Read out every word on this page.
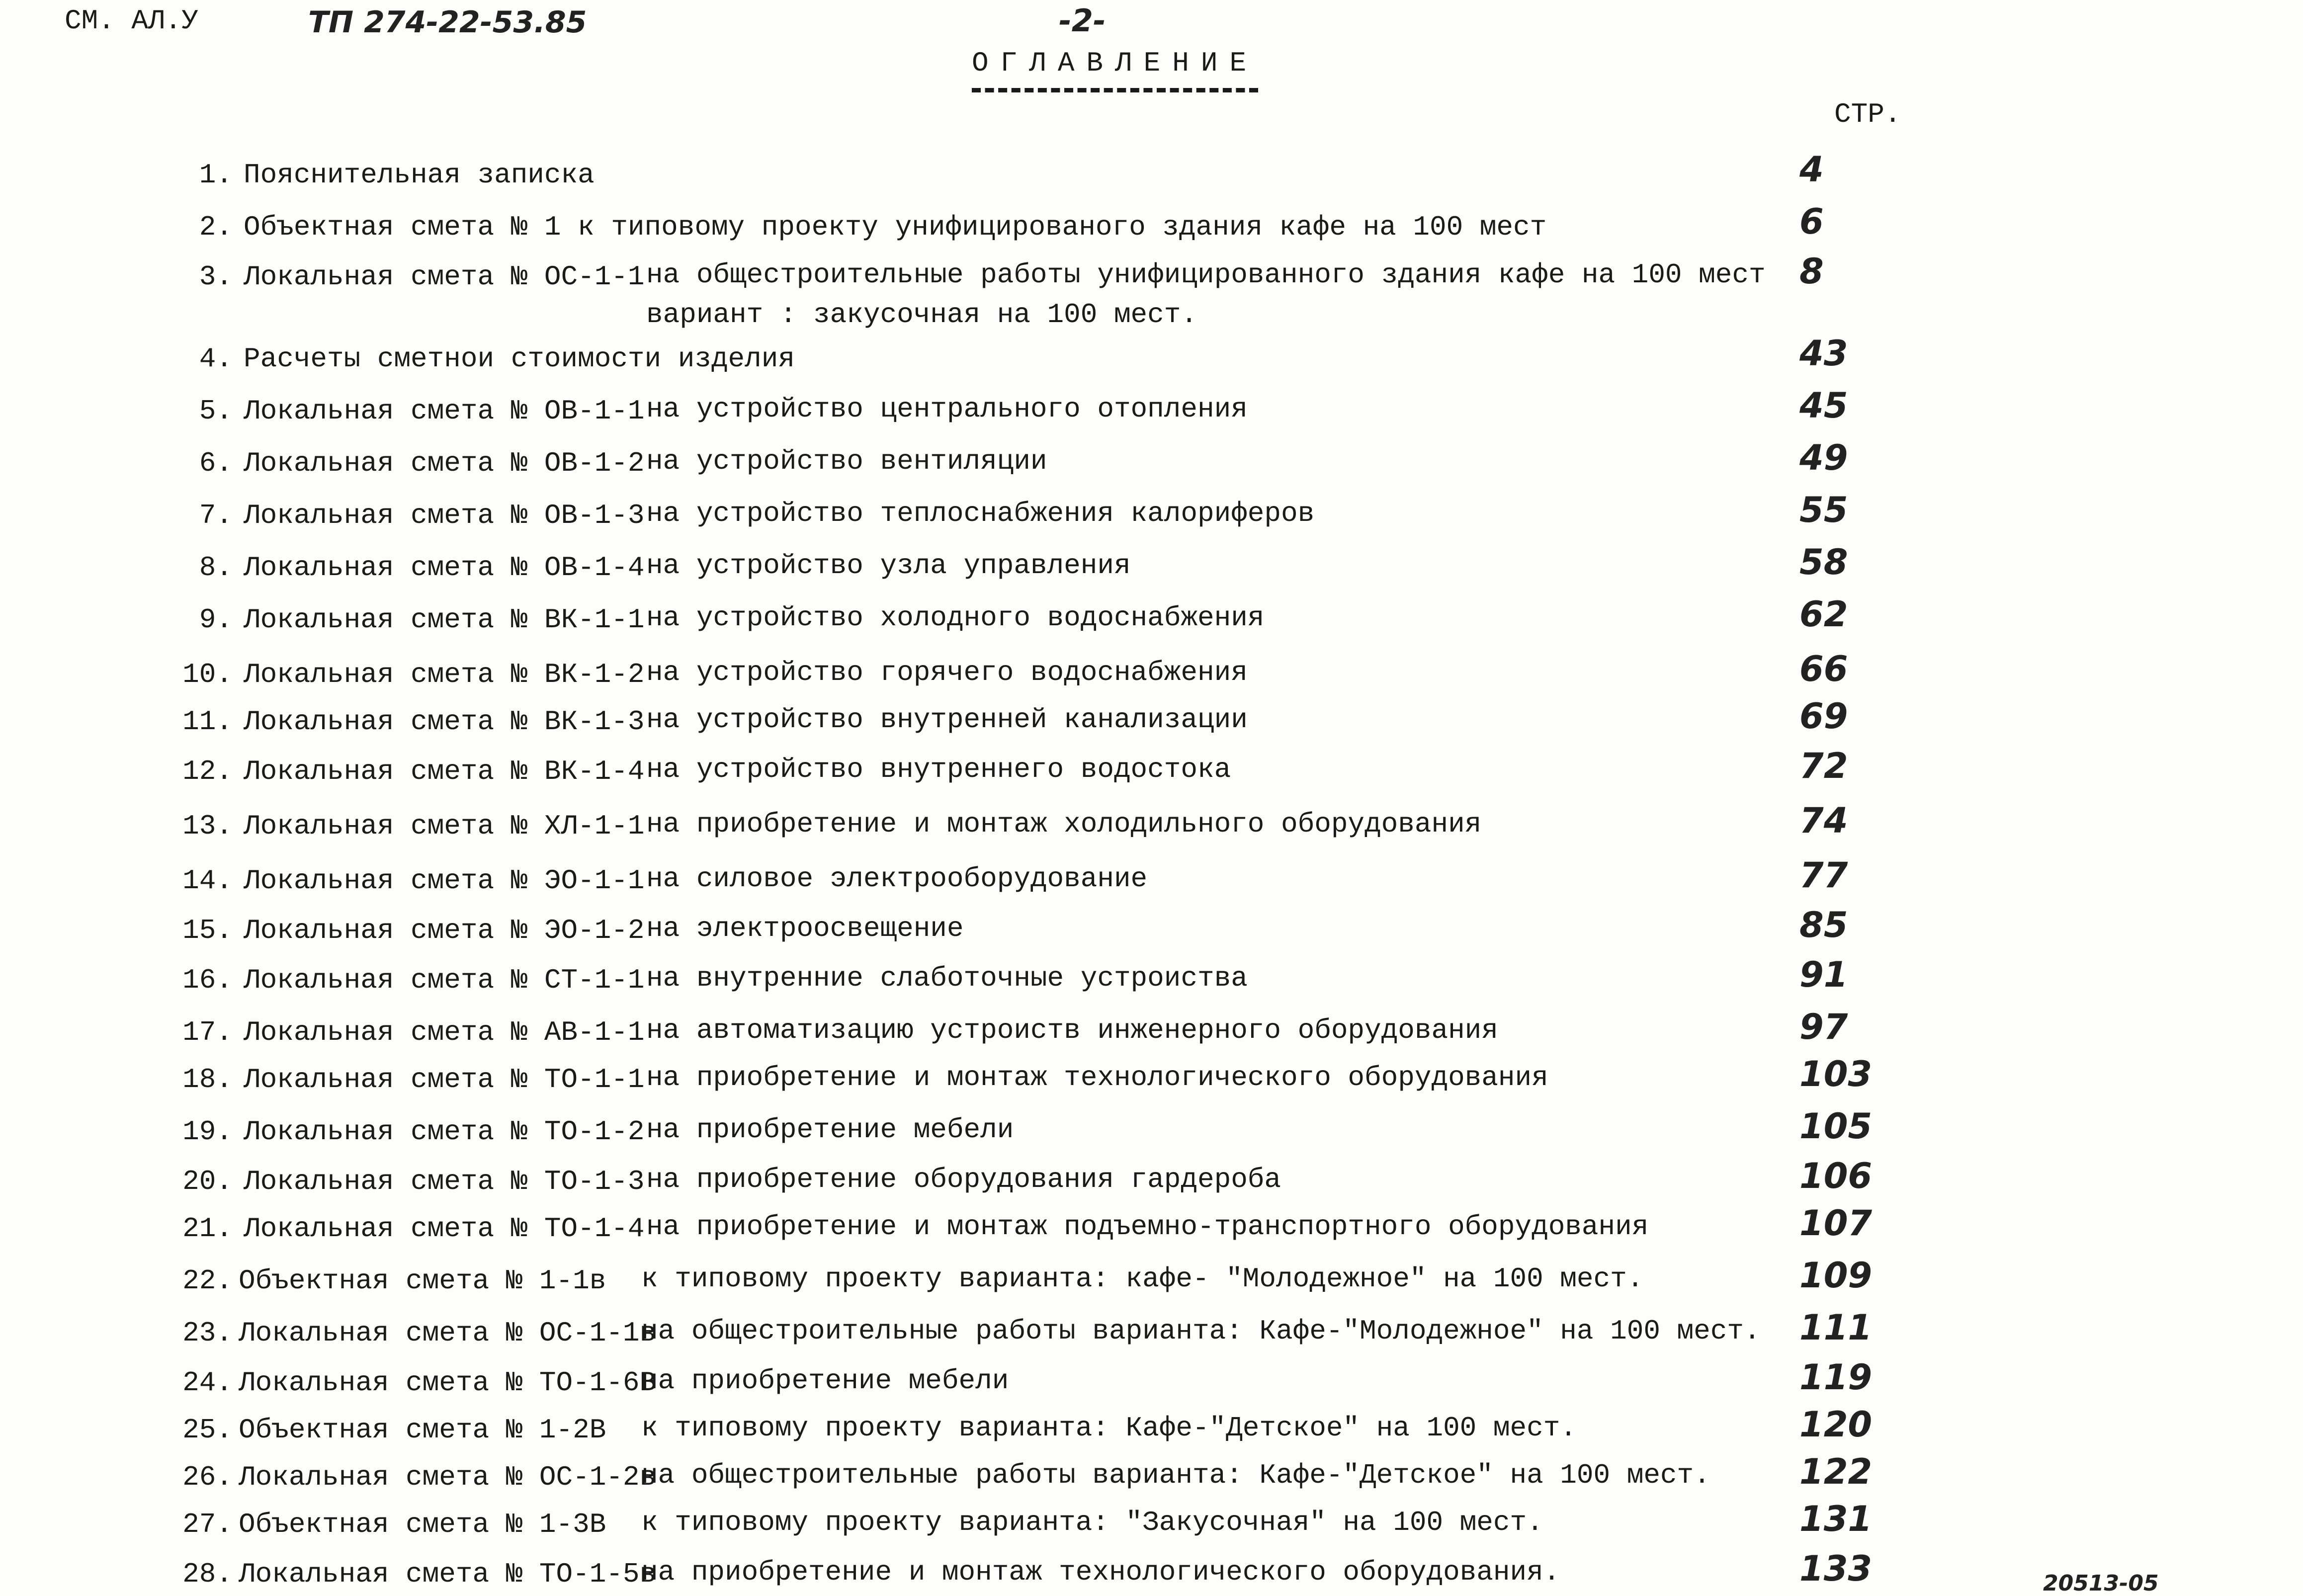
ТП 274-22-53.85
СМ. АЛ.У	-2-
ОГЛАВЛЕНИЕ
СТР.
1. Пояснительная записка	4
2. Объектная смета № 1 к типовому проекту унифицированого здания кафе на 100 мест	6
3. Локальная смета № ОС-1-1 на общестроительные работы унифицированного здания кафе на 100 мест
вариант : закусочная на 100 мест.
8
4. Расчеты сметнои стоимости изделия	43
5. Локальная смета № ОВ-1-1 на устройство центрального отопления	45
6. Локальная смета № ОВ-1-2 на устройство вентиляции	49
7. Локальная смета № ОВ-1-3 на устройство теплоснабжения калориферов	55
8. Локальная смета № ОВ-1-4 на устройство узла управления	58
9. Локальная смета № ВК-1-1 на устройство холодного водоснабжения	62
10. Локальная смета № ВК-1-2 на устройство горячего водоснабжения	66
11. Локальная смета № ВК-1-3 на устройство внутренней канализации	69
12. Локальная смета № ВК-1-4 на устройство внутреннего водостока	72
13. Локальная смета № ХЛ-1-1 на приобретение и монтаж холодильного оборудования	74
14. Локальная смета № ЭО-1-1 на силовое электрооборудование	77
15. Локальная смета № ЭО-1-2 на электроосвещение	85
16. Локальная смета № СТ-1-1 на внутренние слаботочные устроиства	91
17. Локальная смета № АВ-1-1 на автоматизацию устроиств инженерного оборудования	97
18. Локальная смета № ТО-1-1 на приобретение и монтаж технологического оборудования	103
19. Локальная смета № ТО-1-2 на приобретение мебели	105
20. Локальная смета № ТО-1-3 на приобретение оборудования гардероба	106
21. Локальная смета № ТО-1-4 на приобретение и монтаж подъемно-транспортного оборудования	107
22. Объектная смета № 1-1в к типовому проекту варианта: кафе- "Молодежное" на 100 мест.	109
23. Локальная смета № ОС-1-1в
на общестроительные работы варианта: Кафе-"Молодежное" на 100 мест. 111
24. Локальная смета № ТО-1-6В
на приобретение мебели	119
25. Объектная смета № 1-2В к типовому проекту варианта: Кафе-"Детское" на 100 мест.	120
26. Локальная смета № ОС-1-2в
на общестроительные работы варианта: Кафе-"Детское" на 100 мест.	122
27. Объектная смета № 1-3В к типовому проекту варианта: "Закусочная" на 100 мест.	131
28. Локальная смета № ТО-1-5в
на приобретение и монтаж технологического оборудования.	133	20513-05
